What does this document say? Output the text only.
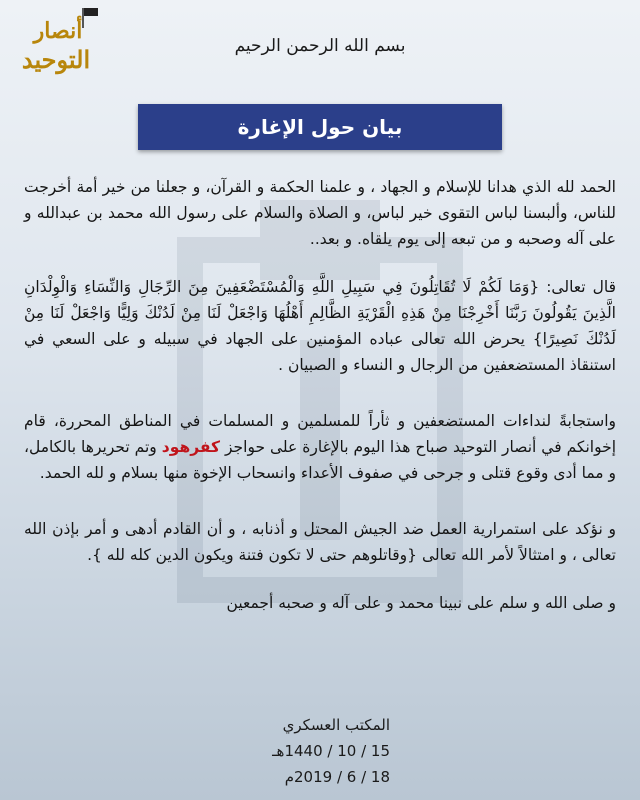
أنصار
التوحيد	بسم الله الرحمن الرحيم
بيان حول الإغارة

الحمد لله الذي هدانا للإسلام و الجهاد ، و علمنا الحكمة و القرآن، و جعلنا من خير أمة أخرجت للناس، وألبسنا لباس التقوى خير لباس، و الصلاة والسلام على رسول الله محمد بن عبدالله و على آله وصحبه و من تبعه إلى يوم يلقاه. و بعد..

قال تعالى: {وَمَا لَكُمْ لَا تُقَاتِلُونَ فِي سَبِيلِ اللَّهِ وَالْمُسْتَضْعَفِينَ مِنَ الرِّجَالِ وَالنِّسَاءِ وَالْوِلْدَانِ الَّذِينَ يَقُولُونَ رَبَّنَا أَخْرِجْنَا مِنْ هَذِهِ الْقَرْيَةِ الظَّالِمِ أَهْلُهَا وَاجْعَلْ لَنَا مِنْ لَدُنْكَ وَلِيًّا وَاجْعَلْ لَنَا مِنْ لَدُنْكَ نَصِيرًا} يحرض الله تعالى عباده المؤمنين على الجهاد في سبيله و على السعي في استنقاذ المستضعفين من الرجال و النساء و الصبيان .

واستجابةً لنداءات المستضعفين و ثأراً للمسلمين و المسلمات في المناطق المحررة، قام إخوانكم في أنصار التوحيد صباح هذا اليوم بالإغارة على حواجز كفرهود وتم تحريرها بالكامل، و مما أدى وقوع قتلى و جرحى في صفوف الأعداء وانسحاب الإخوة منها بسلام و لله الحمد.

و نؤكد على استمرارية العمل ضد الجيش المحتل و أذنابه ، و أن القادم أدهى و أمر بإذن الله تعالى ، و امتثالاً لأمر الله تعالى {وقاتلوهم حتى لا تكون فتنة ويكون الدين كله لله }.

و صلى الله و سلم على نبينا محمد و على آله و صحبه أجمعين

المكتب العسكري
15 / 10 / 1440هـ
18 / 6 / 2019م
